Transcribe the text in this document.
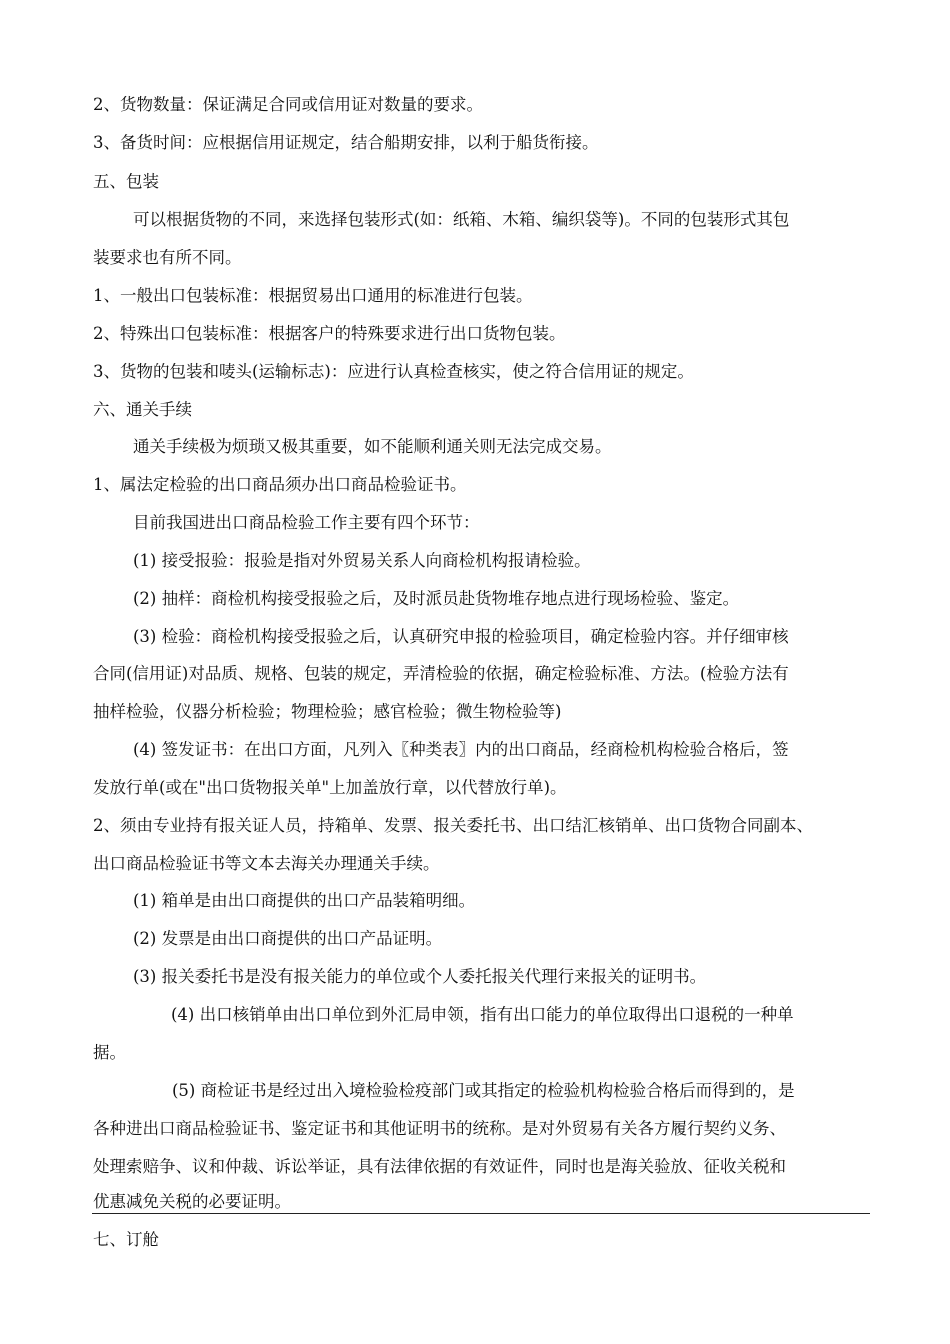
2、货物数量：保证满足合同或信用证对数量的要求。
3、备货时间：应根据信用证规定，结合船期安排，以利于船货衔接。
五、包装
可以根据货物的不同，来选择包装形式(如：纸箱、木箱、编织袋等)。不同的包装形式其包
装要求也有所不同。
1、一般出口包装标准：根据贸易出口通用的标准进行包装。
2、特殊出口包装标准：根据客户的特殊要求进行出口货物包装。
3、货物的包装和唛头(运输标志)：应进行认真检查核实，使之符合信用证的规定。
六、通关手续
通关手续极为烦琐又极其重要，如不能顺利通关则无法完成交易。
1、属法定检验的出口商品须办出口商品检验证书。
目前我国进出口商品检验工作主要有四个环节：
(1) 接受报验：报验是指对外贸易关系人向商检机构报请检验。
(2) 抽样：商检机构接受报验之后，及时派员赴货物堆存地点进行现场检验、鉴定。
(3) 检验：商检机构接受报验之后，认真研究申报的检验项目，确定检验内容。并仔细审核
合同(信用证)对品质、规格、包装的规定，弄清检验的依据，确定检验标准、方法。(检验方法有
抽样检验，仪器分析检验；物理检验；感官检验；微生物检验等)
(4) 签发证书：在出口方面，凡列入〖种类表〗内的出口商品，经商检机构检验合格后，签
发放行单(或在"出口货物报关单"上加盖放行章，以代替放行单)。
2、须由专业持有报关证人员，持箱单、发票、报关委托书、出口结汇核销单、出口货物合同副本、
出口商品检验证书等文本去海关办理通关手续。
(1) 箱单是由出口商提供的出口产品装箱明细。
(2) 发票是由出口商提供的出口产品证明。
(3) 报关委托书是没有报关能力的单位或个人委托报关代理行来报关的证明书。
(4) 出口核销单由出口单位到外汇局申领，指有出口能力的单位取得出口退税的一种单
据。
(5) 商检证书是经过出入境检验检疫部门或其指定的检验机构检验合格后而得到的，是
各种进出口商品检验证书、鉴定证书和其他证明书的统称。是对外贸易有关各方履行契约义务、
处理索赔争、议和仲裁、诉讼举证，具有法律依据的有效证件，同时也是海关验放、征收关税和
优惠减免关税的必要证明。
七、订舱
